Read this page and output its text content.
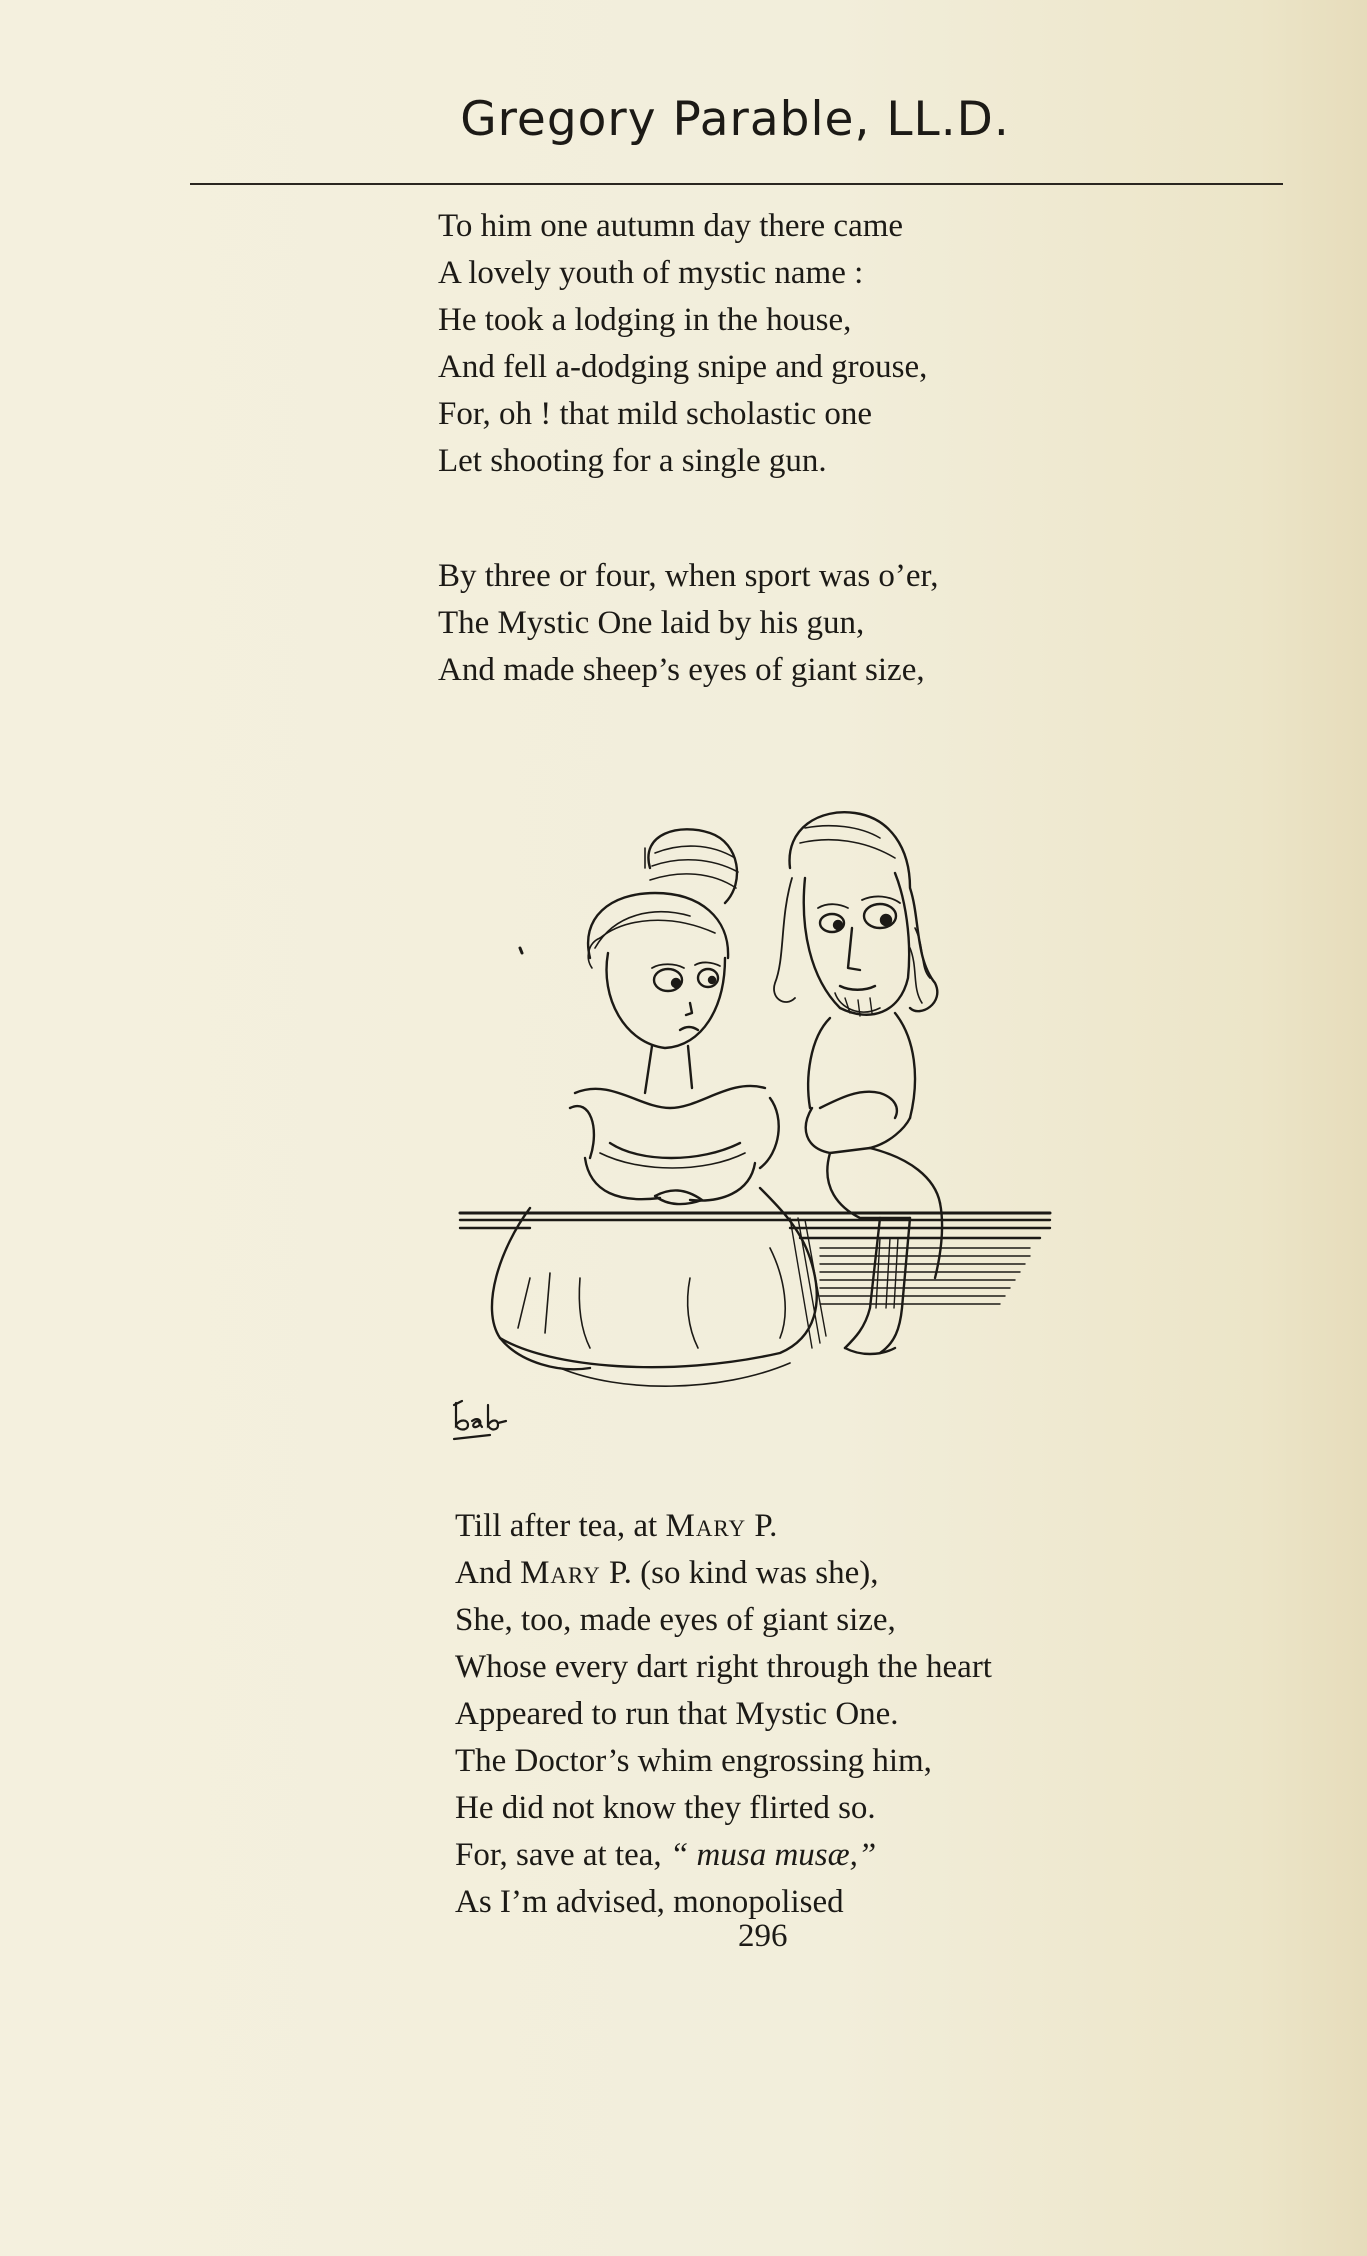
Gregory Parable, LL.D.
To him one autumn day there came
A lovely youth of mystic name :
He took a lodging in the house,
And fell a-dodging snipe and grouse,
For, oh ! that mild scholastic one
Let shooting for a single gun.
By three or four, when sport was o’er,
The Mystic One laid by his gun,
And made sheep’s eyes of giant size,
Till after tea, at Mary P.
And Mary P. (so kind was she),
She, too, made eyes of giant size,
Whose every dart right through the heart
Appeared to run that Mystic One.
The Doctor’s whim engrossing him,
He did not know they flirted so.
For, save at tea, “ musa musæ,”
As I’m advised, monopolised
296
